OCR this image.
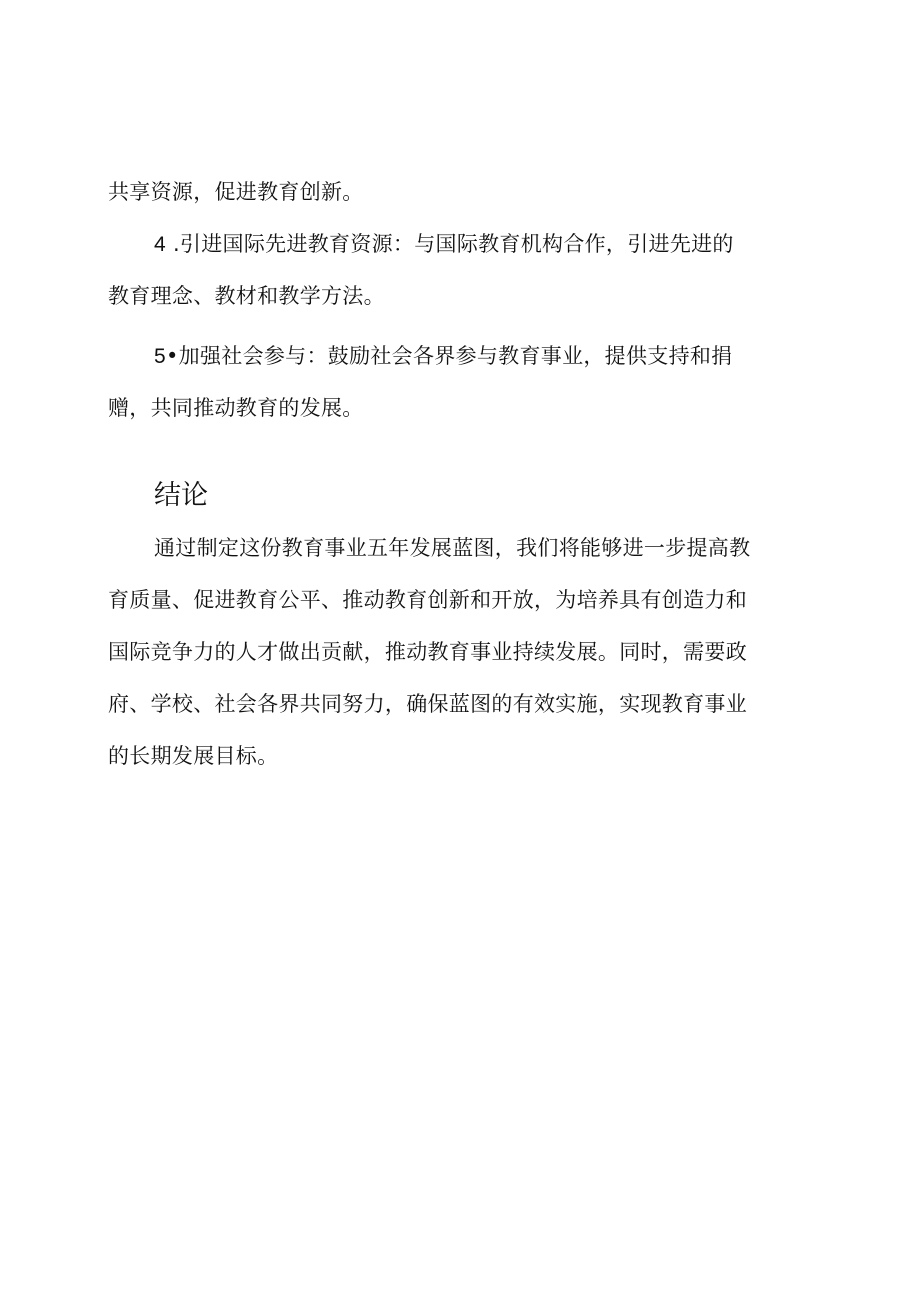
共享资源，促进教育创新。

4 .引进国际先进教育资源：与国际教育机构合作，引进先进的
教育理念、教材和教学方法。

5•加强社会参与：鼓励社会各界参与教育事业，提供支持和捐
赠，共同推动教育的发展。

结论

通过制定这份教育事业五年发展蓝图，我们将能够进一步提高教
育质量、促进教育公平、推动教育创新和开放，为培养具有创造力和
国际竞争力的人才做出贡献，推动教育事业持续发展。同时，需要政
府、学校、社会各界共同努力，确保蓝图的有效实施，实现教育事业
的长期发展目标。
